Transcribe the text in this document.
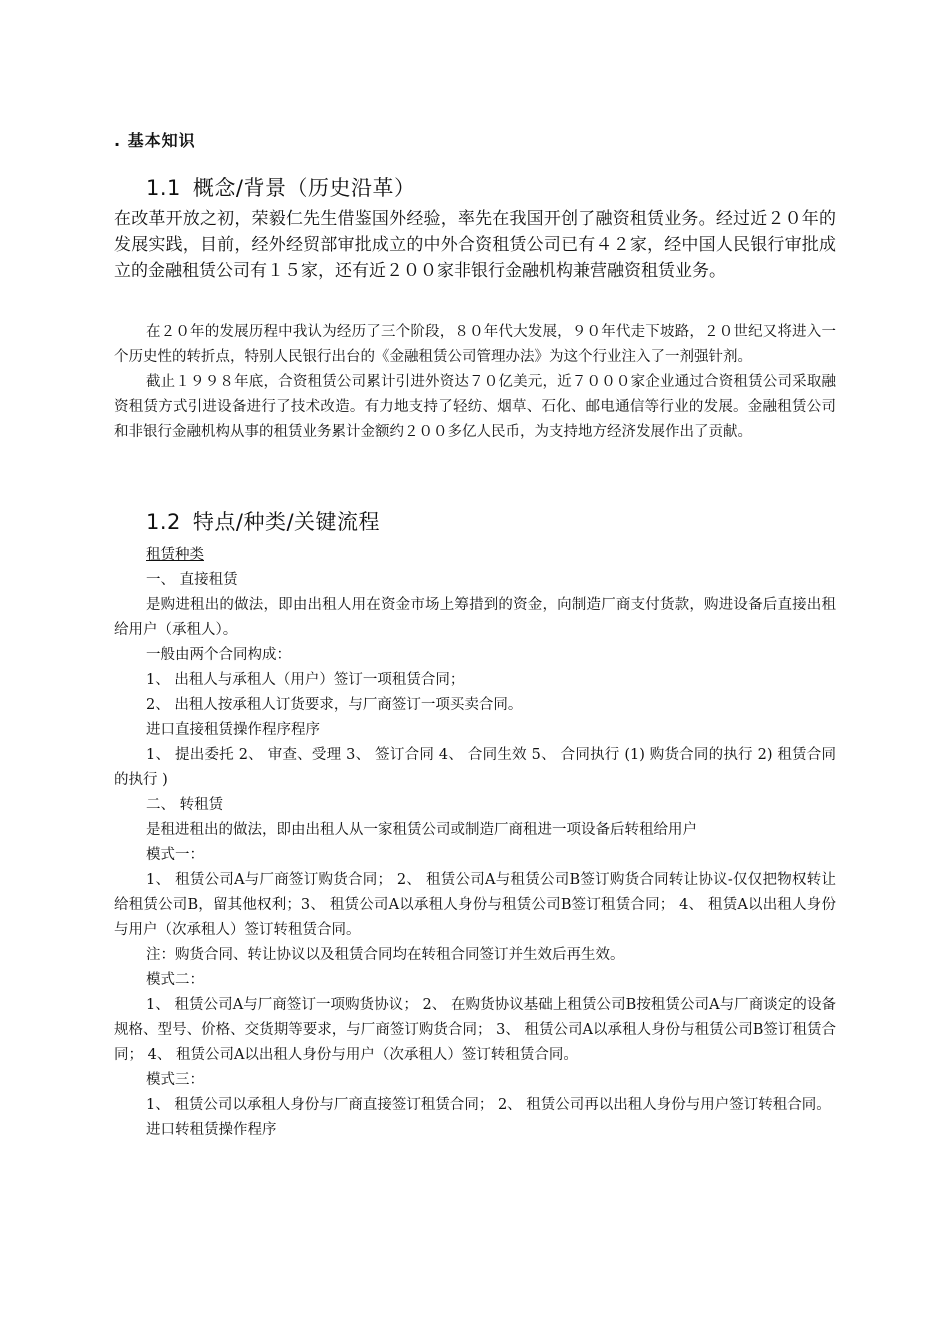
. 基本知识
1.1 概念/背景（历史沿革）

在改革开放之初，荣毅仁先生借鉴国外经验，率先在我国开创了融资租赁业务。经过近２０年的发展实践，目前，经外经贸部审批成立的中外合资租赁公司已有４２家，经中国人民银行审批成立的金融租赁公司有１５家，还有近２００家非银行金融机构兼营融资租赁业务。

在２０年的发展历程中我认为经历了三个阶段，８０年代大发展，９０年代走下坡路，２０世纪又将进入一个历史性的转折点，特别人民银行出台的《金融租赁公司管理办法》为这个行业注入了一剂强针剂。

截止１９９８年底，合资租赁公司累计引进外资达７０亿美元，近７０００家企业通过合资租赁公司采取融资租赁方式引进设备进行了技术改造。有力地支持了轻纺、烟草、石化、邮电通信等行业的发展。金融租赁公司和非银行金融机构从事的租赁业务累计金额约２００多亿人民币，为支持地方经济发展作出了贡献。

1.2 特点/种类/关键流程

租赁种类

一、 直接租赁

是购进租出的做法，即由出租人用在资金市场上筹措到的资金，向制造厂商支付货款，购进设备后直接出租给用户（承租人）。

一般由两个合同构成：

1、 出租人与承租人（用户）签订一项租赁合同；

2、 出租人按承租人订货要求，与厂商签订一项买卖合同。

进口直接租赁操作程序程序

1、 提出委托 2、 审查、受理 3、 签订合同 4、 合同生效 5、 合同执行 (1) 购货合同的执行 2) 租赁合同的执行 )

二、 转租赁

是租进租出的做法，即由出租人从一家租赁公司或制造厂商租进一项设备后转租给用户

模式一：

1、 租赁公司A与厂商签订购货合同； 2、 租赁公司A与租赁公司B签订购货合同转让协议-仅仅把物权转让给租赁公司B，留其他权利；3、 租赁公司A以承租人身份与租赁公司B签订租赁合同； 4、 租赁A以出租人身份与用户（次承租人）签订转租赁合同。

注：购货合同、转让协议以及租赁合同均在转租合同签订并生效后再生效。

模式二：

1、 租赁公司A与厂商签订一项购货协议； 2、 在购货协议基础上租赁公司B按租赁公司A与厂商谈定的设备规格、型号、价格、交货期等要求，与厂商签订购货合同； 3、 租赁公司A以承租人身份与租赁公司B签订租赁合同； 4、 租赁公司A以出租人身份与用户（次承租人）签订转租赁合同。

模式三：

1、 租赁公司以承租人身份与厂商直接签订租赁合同； 2、 租赁公司再以出租人身份与用户签订转租合同。

进口转租赁操作程序
